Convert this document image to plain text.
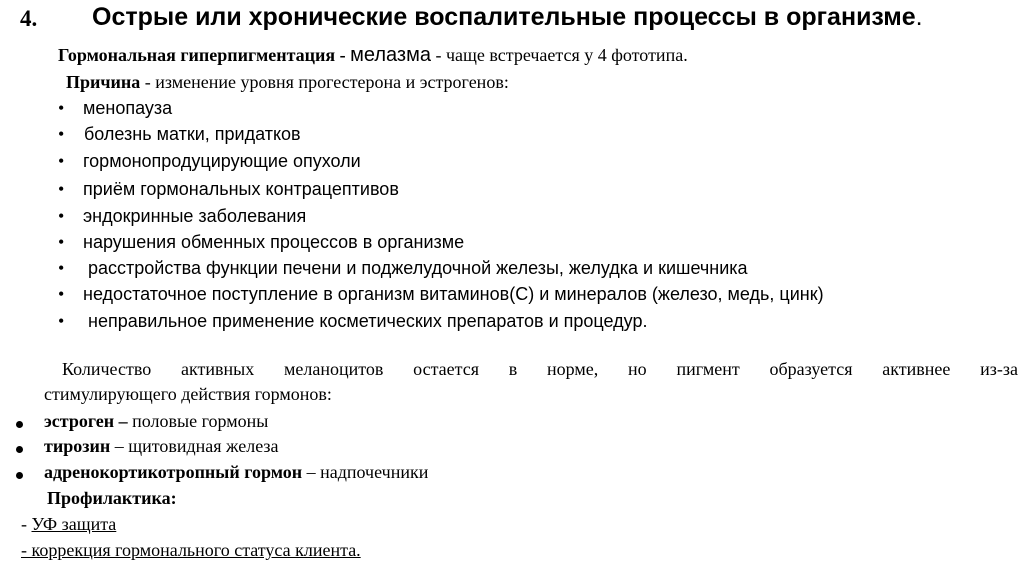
4. Острые или хронические воспалительные процессы в организме.
Гормональная гиперпигментация - мелазма - чаще встречается у 4 фототипа.
Причина - изменение уровня прогестерона и эстрогенов:
• менопауза
• болезнь матки, придатков
• гормонопродуцирующие опухоли
• приём гормональных контрацептивов
• эндокринные заболевания
• нарушения обменных процессов в организме
• расстройства функции печени и поджелудочной железы, желудка и кишечника
• недостаточное поступление в организм витаминов(С) и минералов (железо, медь, цинк)
• неправильное применение косметических препаратов и процедур.
Количество активных меланоцитов остается в норме, но пигмент образуется активнее из-за
стимулирующего действия гормонов:
эстроген – половые гормоны
тирозин – щитовидная железа
адренокортикотропный гормон – надпочечники
Профилактика:
- УФ защита
- коррекция гормонального статуса клиента.
